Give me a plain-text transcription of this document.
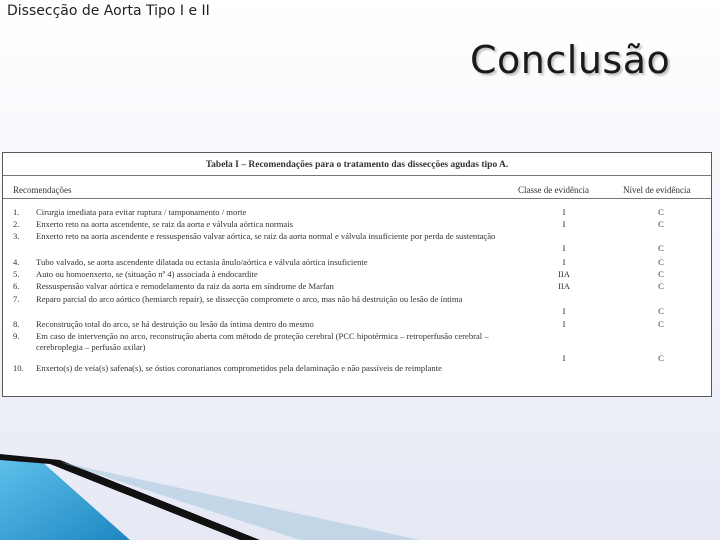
Dissecção de Aorta Tipo I e II
Conclusão
Tabela I – Recomendações para o tratamento das dissecções agudas tipo A.
Recomendações	Classe de evidência	Nível de evidência
1. Cirurgia imediata para evitar ruptura / tamponamento / morte	I	C
2. Enxerto reto na aorta ascendente, se raiz da aorta e válvula aórtica normais	I	C
3. Enxerto reto na aorta ascendente e ressuspensão valvar aórtica, se raiz da aorta normal e válvula insuficiente por perda de sustentação
I	C
4. Tubo valvado, se aorta ascendente dilatada ou ectasia ânulo/aórtica e válvula aórtica insuficiente	I	C
5. Auto ou homoenxerto, se (situação nº 4) associada à endocardite	IIA	C
6. Ressuspensão valvar aórtica e remodelamento da raiz da aorta em síndrome de Marfan	IIA	C
7. Reparo parcial do arco aórtico (hemiarch repair), se dissecção compromete o arco, mas não há destruição ou lesão de íntima
I	C
8. Reconstrução total do arco, se há destruição ou lesão da íntima dentro do mesmo	I	C
9. Em caso de intervenção no arco, reconstrução aberta com método de proteção cerebral (PCC hipotérmica – retroperfusão cerebral – cerebroplegia – perfusão axilar)
I	C
10. Enxerto(s) de veia(s) safena(s), se óstios coronarianos comprometidos pela delaminação e não passíveis de reimplante
